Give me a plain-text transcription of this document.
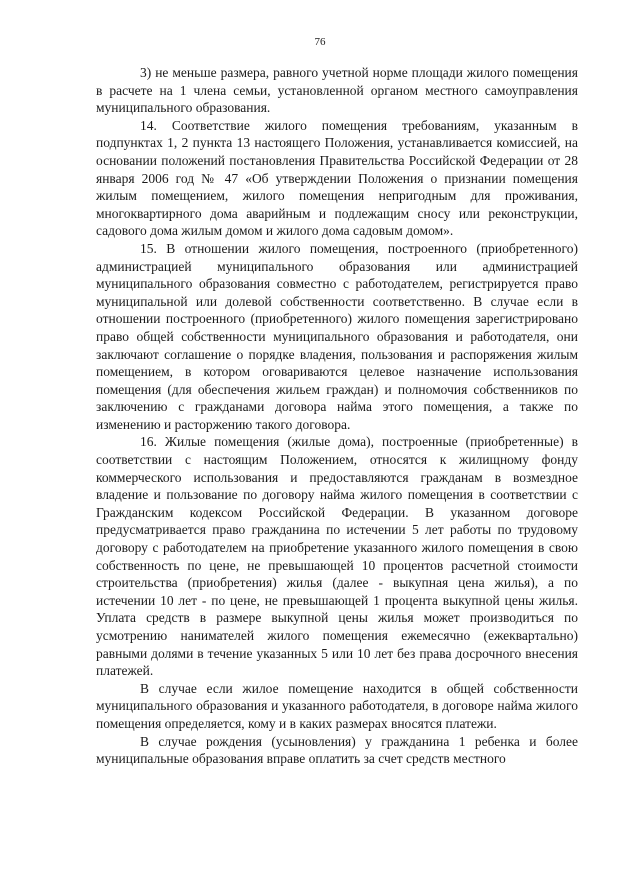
76

3) не меньше размера, равного учетной норме площади жилого помещения в расчете на 1 члена семьи, установленной органом местного самоуправления муниципального образования.

14. Соответствие жилого помещения требованиям, указанным в подпунктах 1, 2 пункта 13 настоящего Положения, устанавливается комиссией, на основании положений постановления Правительства Российской Федерации от 28 января 2006 год № 47 «Об утверждении Положения о признании помещения жилым помещением, жилого помещения непригодным для проживания, многоквартирного дома аварийным и подлежащим сносу или реконструкции, садового дома жилым домом и жилого дома садовым домом».

15. В отношении жилого помещения, построенного (приобретенного) администрацией муниципального образования или администрацией муниципального образования совместно с работодателем, регистрируется право муниципальной или долевой собственности соответственно. В случае если в отношении построенного (приобретенного) жилого помещения зарегистрировано право общей собственности муниципального образования и работодателя, они заключают соглашение о порядке владения, пользования и распоряжения жилым помещением, в котором оговариваются целевое назначение использования помещения (для обеспечения жильем граждан) и полномочия собственников по заключению с гражданами договора найма этого помещения, а также по изменению и расторжению такого договора.

16. Жилые помещения (жилые дома), построенные (приобретенные) в соответствии с настоящим Положением, относятся к жилищному фонду коммерческого использования и предоставляются гражданам в возмездное владение и пользование по договору найма жилого помещения в соответствии с Гражданским кодексом Российской Федерации. В указанном договоре предусматривается право гражданина по истечении 5 лет работы по трудовому договору с работодателем на приобретение указанного жилого помещения в свою собственность по цене, не превышающей 10 процентов расчетной стоимости строительства (приобретения) жилья (далее - выкупная цена жилья), а по истечении 10 лет - по цене, не превышающей 1 процента выкупной цены жилья. Уплата средств в размере выкупной цены жилья может производиться по усмотрению нанимателей жилого помещения ежемесячно (ежеквартально) равными долями в течение указанных 5 или 10 лет без права досрочного внесения платежей.

В случае если жилое помещение находится в общей собственности муниципального образования и указанного работодателя, в договоре найма жилого помещения определяется, кому и в каких размерах вносятся платежи.

В случае рождения (усыновления) у гражданина 1 ребенка и более муниципальные образования вправе оплатить за счет средств местного
